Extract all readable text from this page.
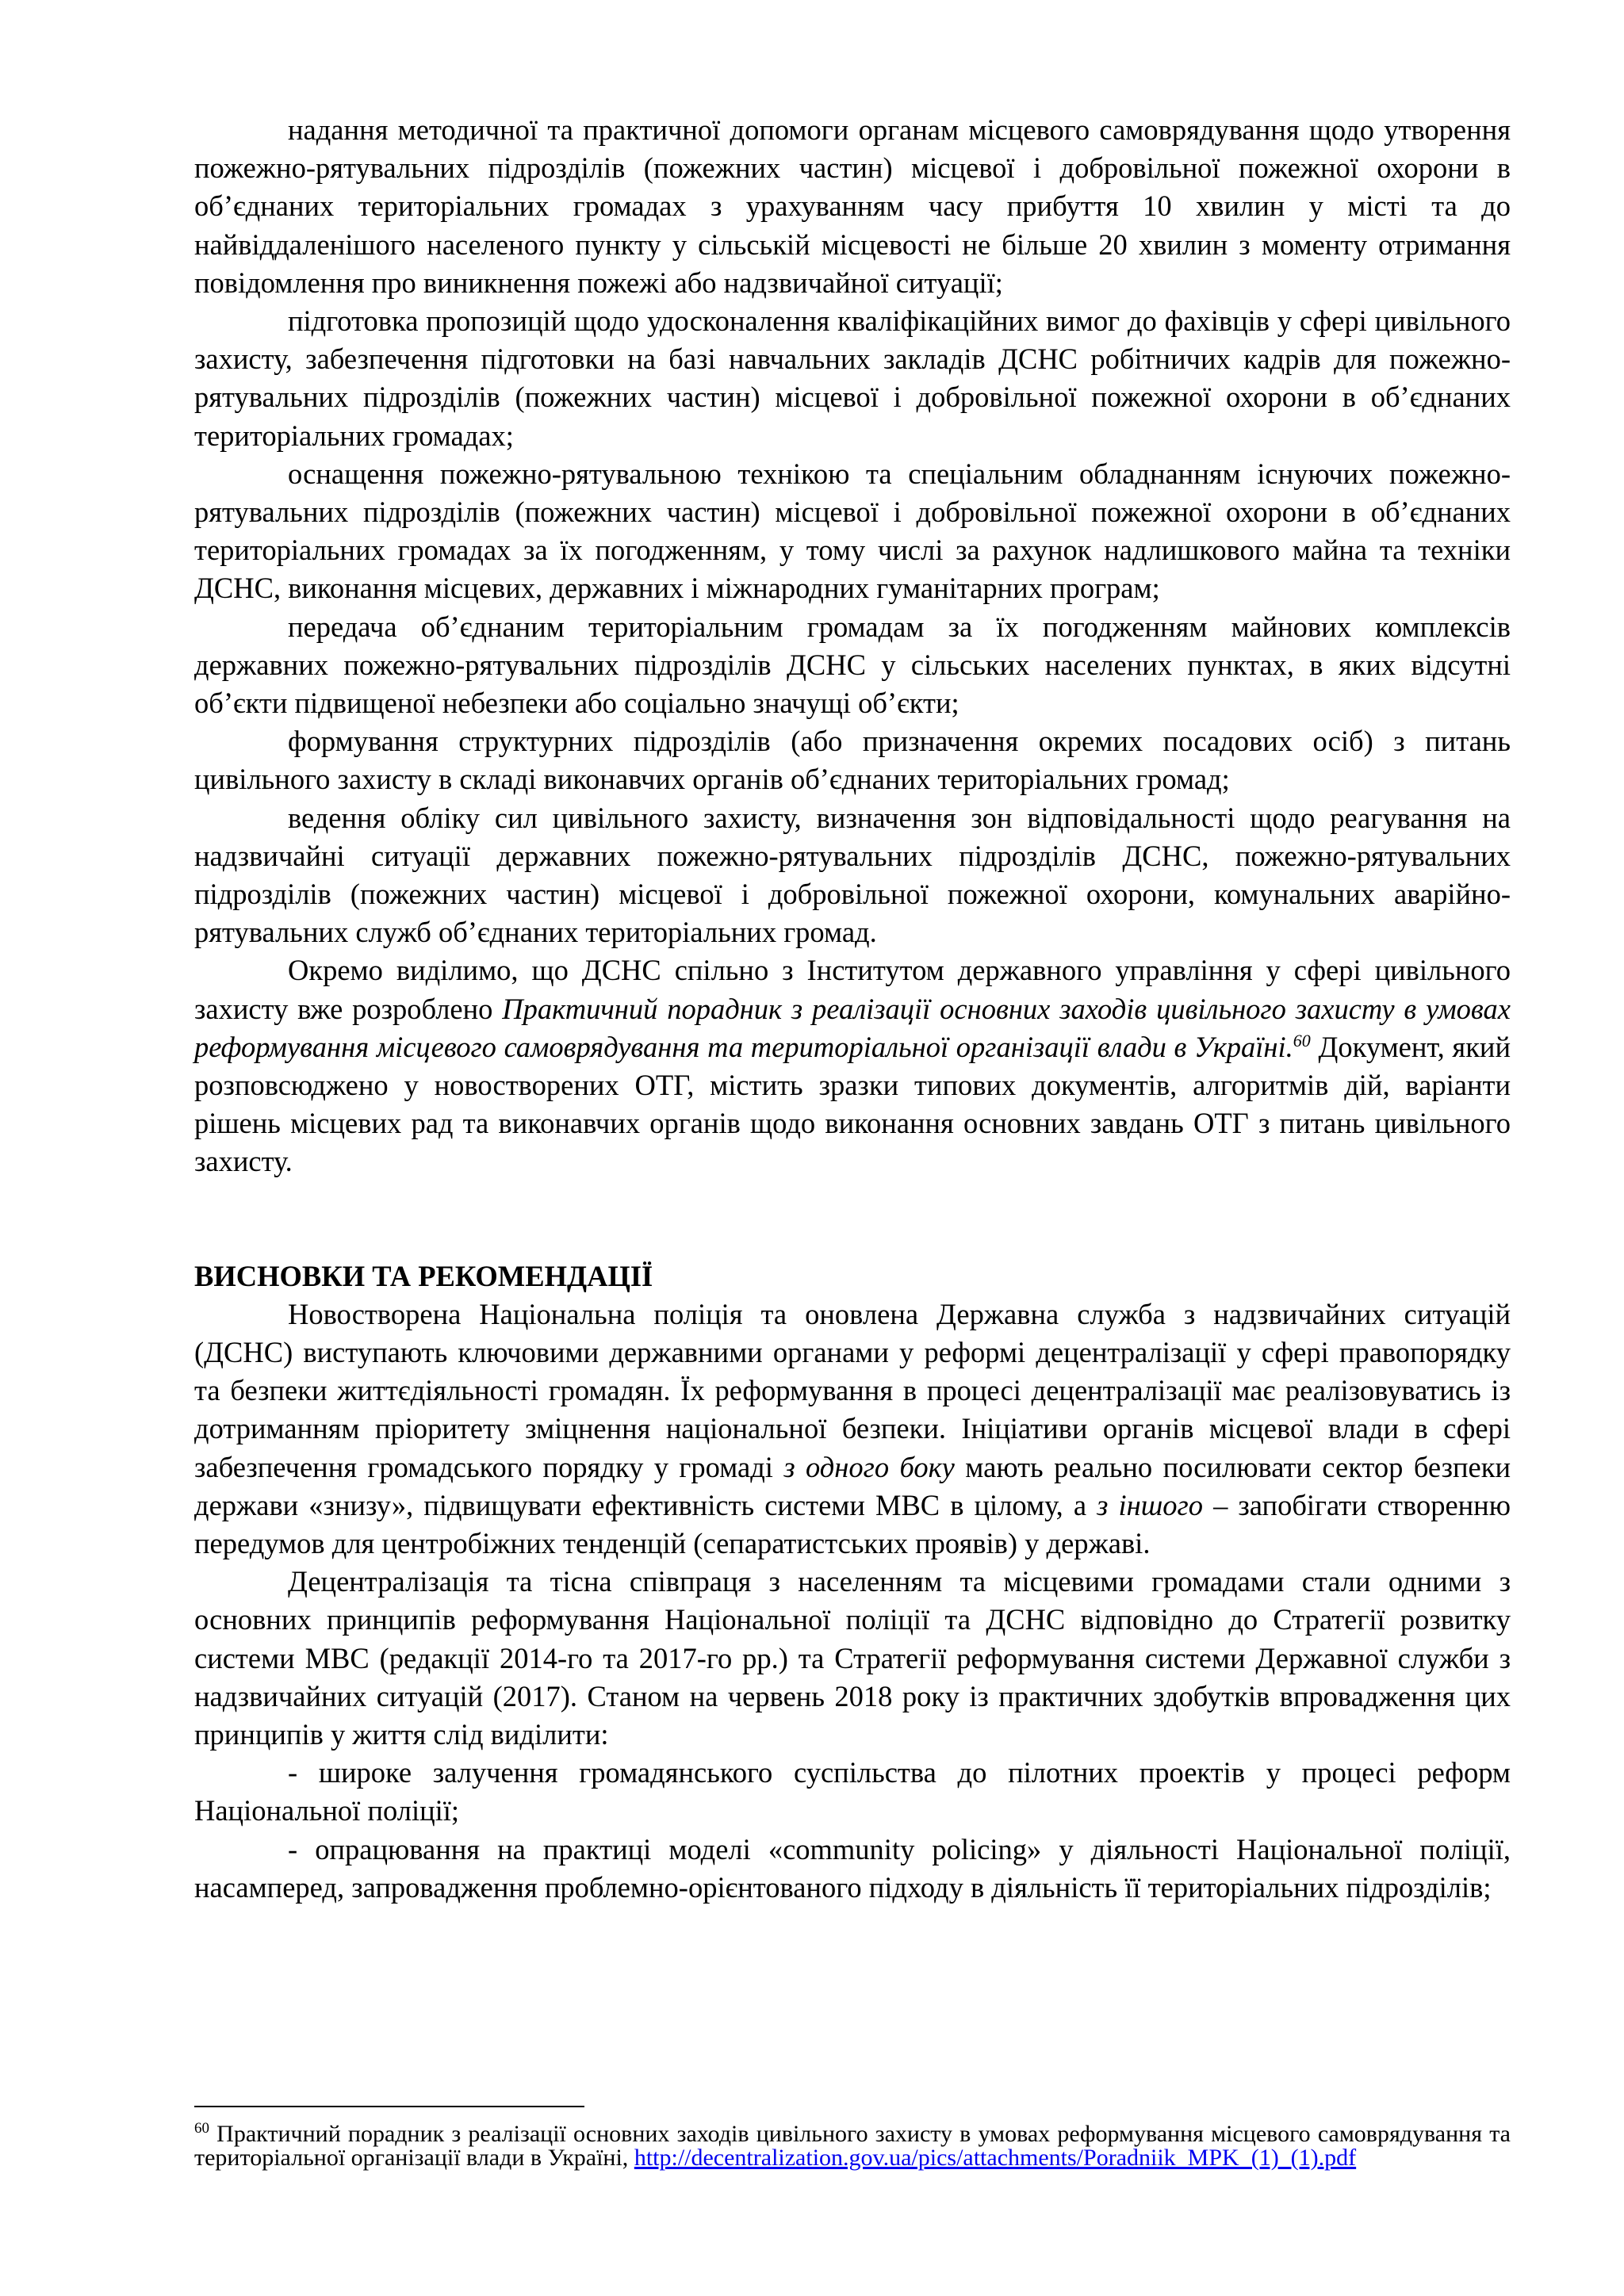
надання методичної та практичної допомоги органам місцевого самоврядування щодо утворення пожежно-рятувальних підрозділів (пожежних частин) місцевої і добровільної пожежної охорони в об’єднаних територіальних громадах з урахуванням часу прибуття 10 хвилин у місті та до найвіддаленішого населеного пункту у сільській місцевості не більше 20 хвилин з моменту отримання повідомлення про виникнення пожежі або надзвичайної ситуації;

підготовка пропозицій щодо удосконалення кваліфікаційних вимог до фахівців у сфері цивільного захисту, забезпечення підготовки на базі навчальних закладів ДСНС робітничих кадрів для пожежно-рятувальних підрозділів (пожежних частин) місцевої і добровільної пожежної охорони в об’єднаних територіальних громадах;

оснащення пожежно-рятувальною технікою та спеціальним обладнанням існуючих пожежно-рятувальних підрозділів (пожежних частин) місцевої і добровільної пожежної охорони в об’єднаних територіальних громадах за їх погодженням, у тому числі за рахунок надлишкового майна та техніки ДСНС, виконання місцевих, державних і міжнародних гуманітарних програм;

передача об’єднаним територіальним громадам за їх погодженням майнових комплексів державних пожежно-рятувальних підрозділів ДСНС у сільських населених пунктах, в яких відсутні об’єкти підвищеної небезпеки або соціально значущі об’єкти;

формування структурних підрозділів (або призначення окремих посадових осіб) з питань цивільного захисту в складі виконавчих органів об’єднаних територіальних громад;

ведення обліку сил цивільного захисту, визначення зон відповідальності щодо реагування на надзвичайні ситуації державних пожежно-рятувальних підрозділів ДСНС, пожежно-рятувальних підрозділів (пожежних частин) місцевої і добровільної пожежної охорони, комунальних аварійно-рятувальних служб об’єднаних територіальних громад.

Окремо виділимо, що ДСНС спільно з Інститутом державного управління у сфері цивільного захисту вже розроблено Практичний порадник з реалізації основних заходів цивільного захисту в умовах реформування місцевого самоврядування та територіальної організації влади в Україні.$^{60}$ Документ, який розповсюджено у новостворених ОТГ, містить зразки типових документів, алгоритмів дій, варіанти рішень місцевих рад та виконавчих органів щодо виконання основних завдань ОТГ з питань цивільного захисту.

ВИСНОВКИ ТА РЕКОМЕНДАЦІЇ

Новостворена Національна поліція та оновлена Державна служба з надзвичайних ситуацій (ДСНС) виступають ключовими державними органами у реформі децентралізації у сфері правопорядку та безпеки життєдіяльності громадян. Їх реформування в процесі децентралізації має реалізовуватись із дотриманням пріоритету зміцнення національної безпеки. Ініціативи органів місцевої влади в сфері забезпечення громадського порядку у громаді з одного боку мають реально посилювати сектор безпеки держави «знизу», підвищувати ефективність системи МВС в цілому, а з іншого – запобігати створенню передумов для центробіжних тенденцій (сепаратистських проявів) у державі.

Децентралізація та тісна співпраця з населенням та місцевими громадами стали одними з основних принципів реформування Національної поліції та ДСНС відповідно до Стратегії розвитку системи МВС (редакції 2014-го та 2017-го рр.) та Стратегії реформування системи Державної служби з надзвичайних ситуацій (2017). Станом на червень 2018 року із практичних здобутків впровадження цих принципів у життя слід виділити:

- широке залучення громадянського суспільства до пілотних проектів у процесі реформ Національної поліції;

- опрацювання на практиці моделі «community policing» у діяльності Національної поліції, насамперед, запровадження проблемно-орієнтованого підходу в діяльність її територіальних підрозділів;

$^{60}$ Практичний порадник з реалізації основних заходів цивільного захисту в умовах реформування місцевого самоврядування та територіальної організації влади в Україні, http://decentralization.gov.ua/pics/attachments/Poradniik_MPK_(1)_(1).pdf
